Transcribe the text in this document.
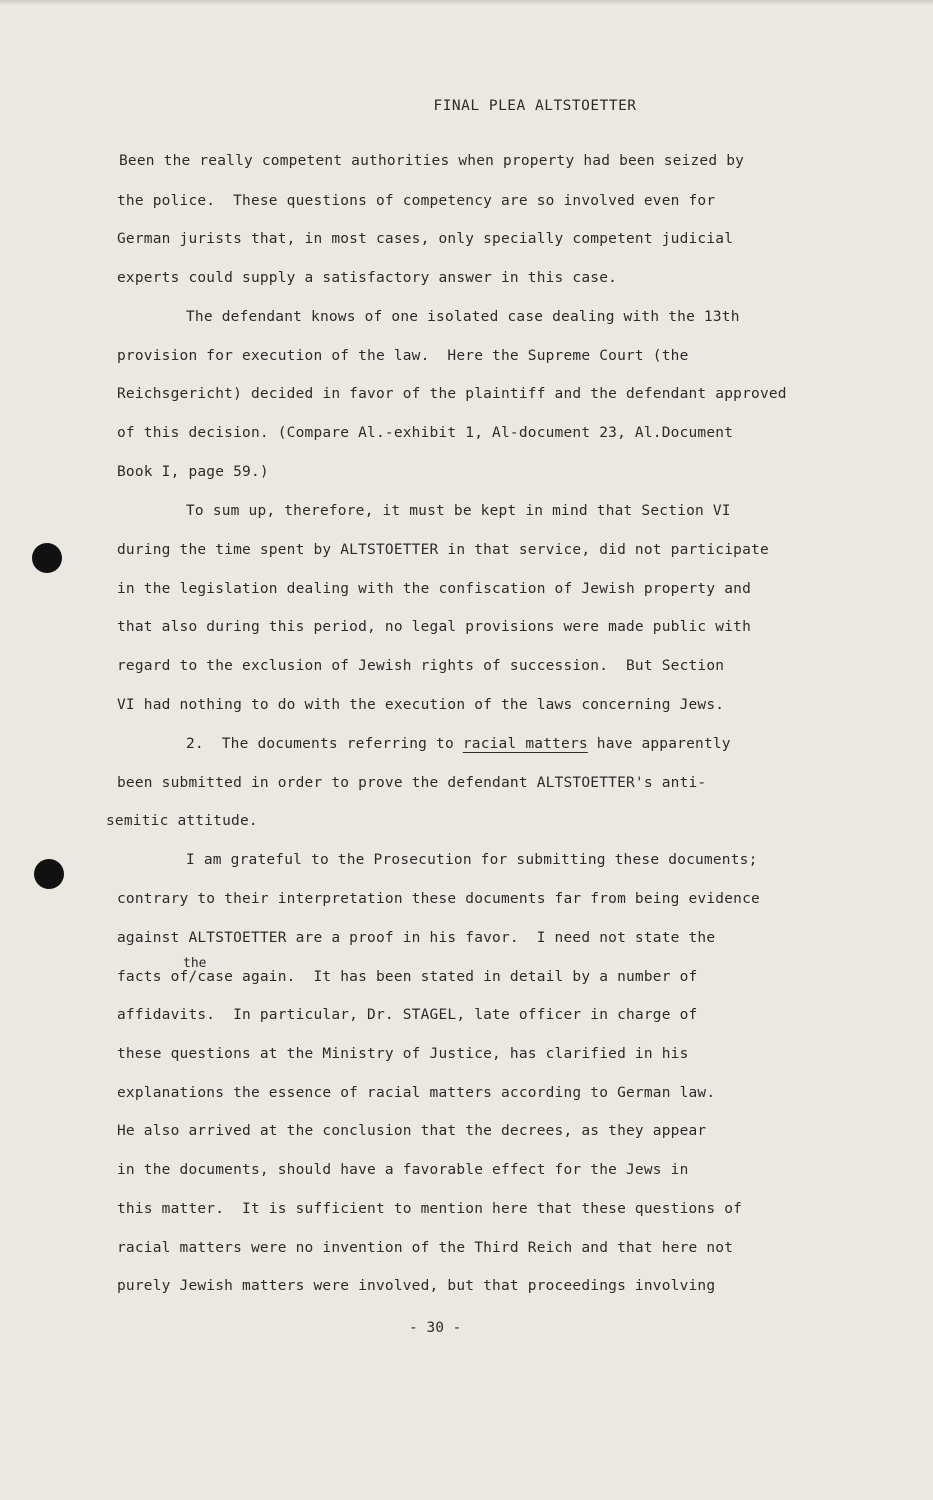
FINAL PLEA ALTSTOETTER
Been the really competent authorities when property had been seized by
the police.  These questions of competency are so involved even for
German jurists that, in most cases, only specially competent judicial
experts could supply a satisfactory answer in this case.
The defendant knows of one isolated case dealing with the 13th
provision for execution of the law.  Here the Supreme Court (the
Reichsgericht) decided in favor of the plaintiff and the defendant approved
of this decision. (Compare Al.-exhibit 1, Al-document 23, Al.Document
Book I, page 59.)
To sum up, therefore, it must be kept in mind that Section VI
during the time spent by ALTSTOETTER in that service, did not participate
in the legislation dealing with the confiscation of Jewish property and
that also during this period, no legal provisions were made public with
regard to the exclusion of Jewish rights of succession.  But Section
VI had nothing to do with the execution of the laws concerning Jews.
2.  The documents referring to racial matters have apparently
been submitted in order to prove the defendant ALTSTOETTER's anti-
semitic attitude.
I am grateful to the Prosecution for submitting these documents;
contrary to their interpretation these documents far from being evidence
against ALTSTOETTER are a proof in his favor.  I need not state the
facts of/case again.  It has been stated in detail by a number of
affidavits.  In particular, Dr. STAGEL, late officer in charge of
these questions at the Ministry of Justice, has clarified in his
explanations the essence of racial matters according to German law.
He also arrived at the conclusion that the decrees, as they appear
in the documents, should have a favorable effect for the Jews in
this matter.  It is sufficient to mention here that these questions of
racial matters were no invention of the Third Reich and that here not
purely Jewish matters were involved, but that proceedings involving
the
- 30 -
